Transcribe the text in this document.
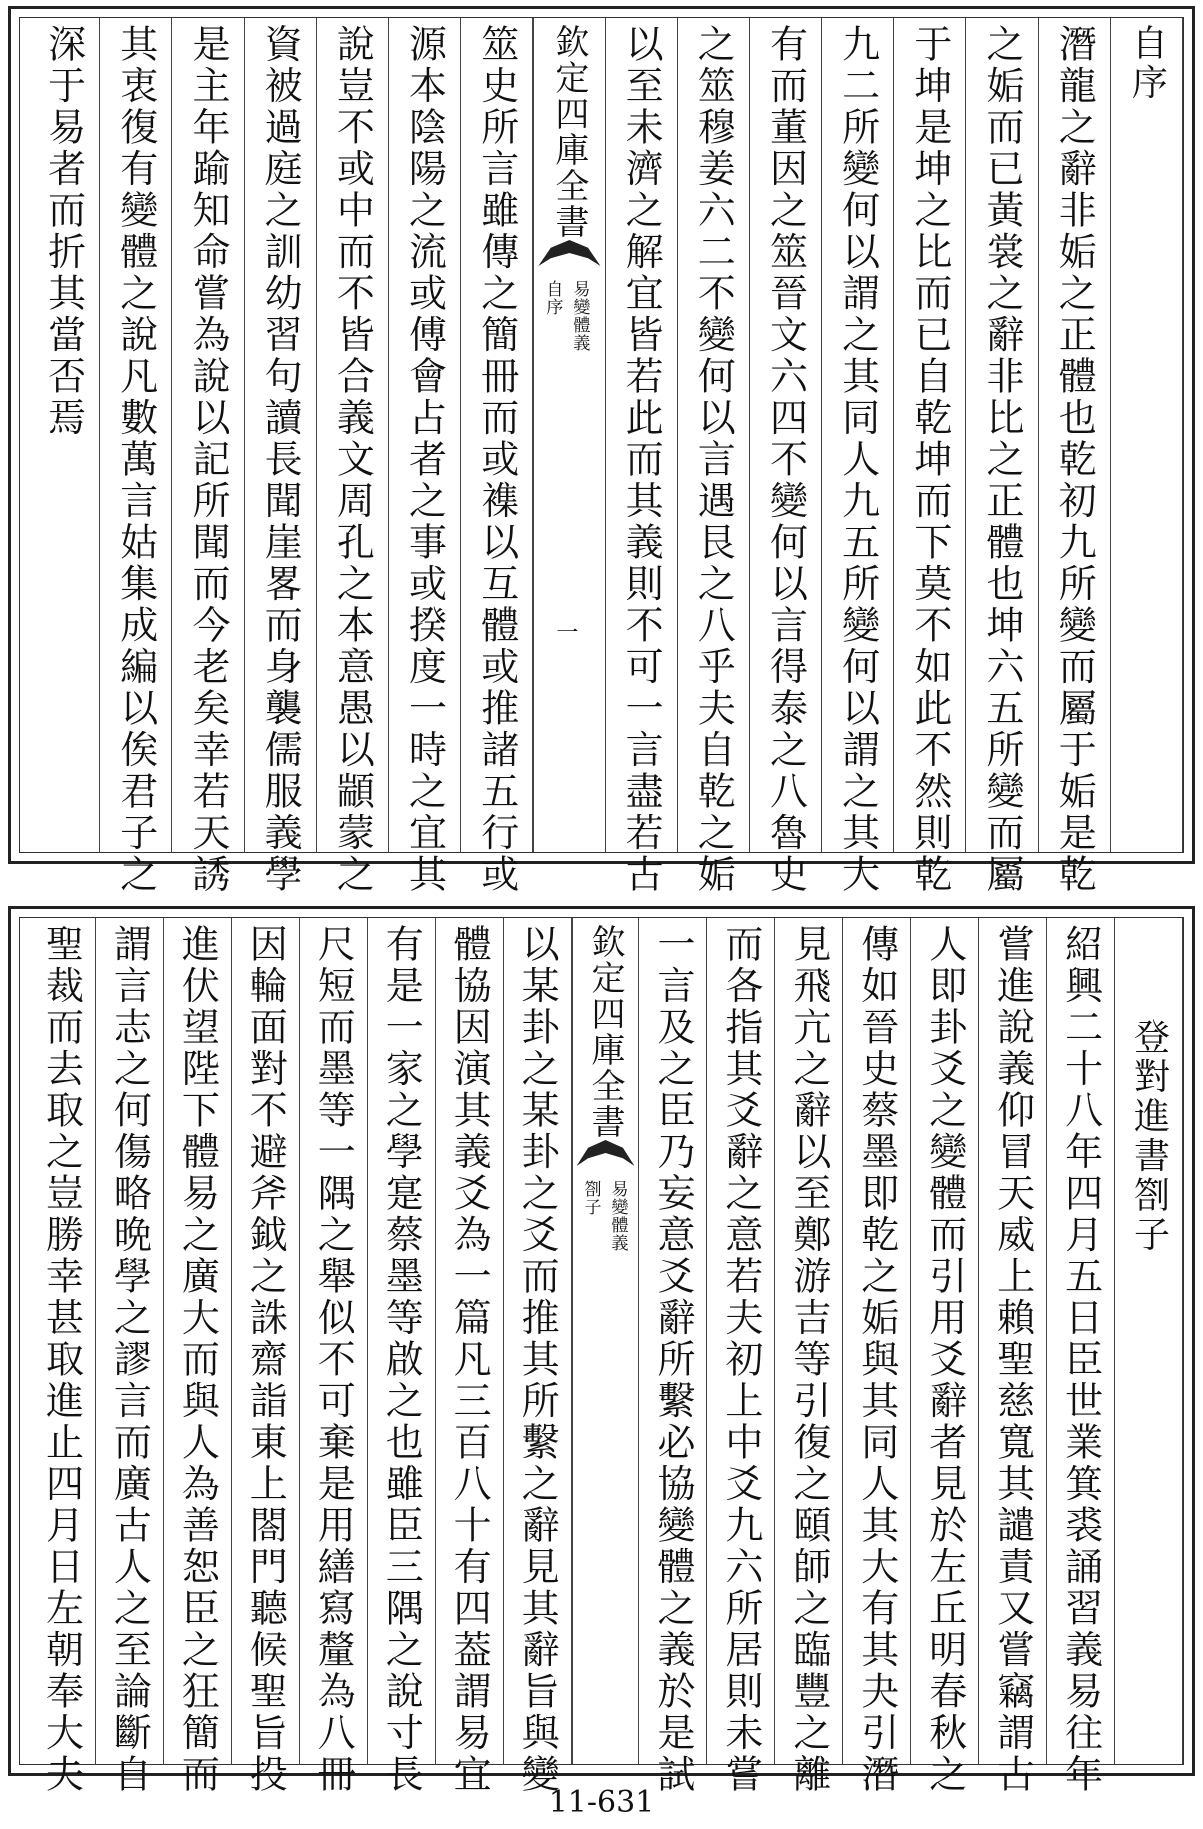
自序
潛龍之辭非姤之正體也乾初九所變而屬于姤是乾
之姤而已黃裳之辭非比之正體也坤六五所變而屬
于坤是坤之比而已自乾坤而下莫不如此不然則乾
九二所變何以謂之其同人九五所變何以謂之其大
有而董因之筮晉文六四不變何以言得泰之八魯史
之筮穆姜六二不變何以言遇艮之八乎夫自乾之姤
以至未濟之解宜皆若此而其義則不可一言盡若古
欽定四庫全書
易變體義
自序
一
筮史所言雖傳之簡冊而或襍以互體或推諸五行或
源本陰陽之流或傅會占者之事或揆度一時之宜其
說豈不或中而不皆合義文周孔之本意愚以顓蒙之
資被過庭之訓幼習句讀長聞崖畧而身襲儒服義學
是主年踰知命嘗為說以記所聞而今老矣幸若天誘
其衷復有變體之說凡數萬言姑集成編以俟君子之
深于易者而折其當否焉
登對進書劄子
紹興二十八年四月五日臣世業箕裘誦習義易往年
嘗進說義仰冒天威上賴聖慈寬其譴責又嘗竊謂古
人即卦爻之變體而引用爻辭者見於左丘明春秋之
傳如晉史蔡墨即乾之姤與其同人其大有其夬引潛
見飛亢之辭以至鄭游吉等引復之頤師之臨豐之離
而各指其爻辭之意若夫初上中爻九六所居則未嘗
一言及之臣乃妄意爻辭所繫必協變體之義於是試
欽定四庫全書
易變體義
劄子
以某卦之某卦之爻而推其所繫之辭見其辭旨與變
體協因演其義爻為一篇凡三百八十有四葢謂易宜
有是一家之學寔蔡墨等啟之也雖臣三隅之說寸長
尺短而墨等一隅之舉似不可棄是用繕寫釐為八冊
因輪面對不避斧鉞之誅齋詣東上閤門聽候聖旨投
進伏望陛下體易之廣大而與人為善恕臣之狂簡而
謂言志之何傷略晩學之謬言而廣古人之至論斷自
聖裁而去取之豈勝幸甚取進止四月日左朝奉大夫
11-631
